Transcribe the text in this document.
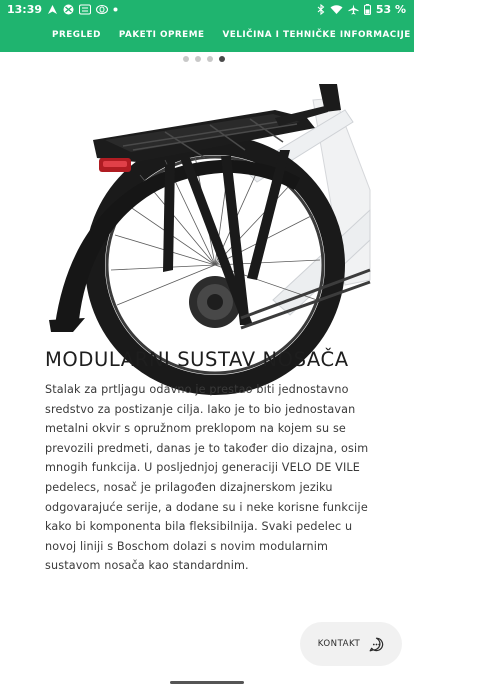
13:39	53 %
PREGLED	PAKETI OPREME	VELIČINA I TEHNIČKE INFORMACIJE	OPREMA
MODULARNI SUSTAV NOSAČA

Stalak za prtljagu odavno je prestao biti jednostavno sredstvo za postizanje cilja. Iako je to bio jednostavan metalni okvir s opružnom preklopom na kojem su se prevozili predmeti, danas je to također dio dizajna, osim mnogih funkcija. U posljednjoj generaciji VELO DE VILE pedelecs, nosač je prilagođen dizajnerskom jeziku odgovarajuće serije, a dodane su i neke korisne funkcije kako bi komponenta bila fleksibilnija. Svaki pedelec u novoj liniji s Boschom dolazi s novim modularnim sustavom nosača kao standardnim.

KONTAKT
